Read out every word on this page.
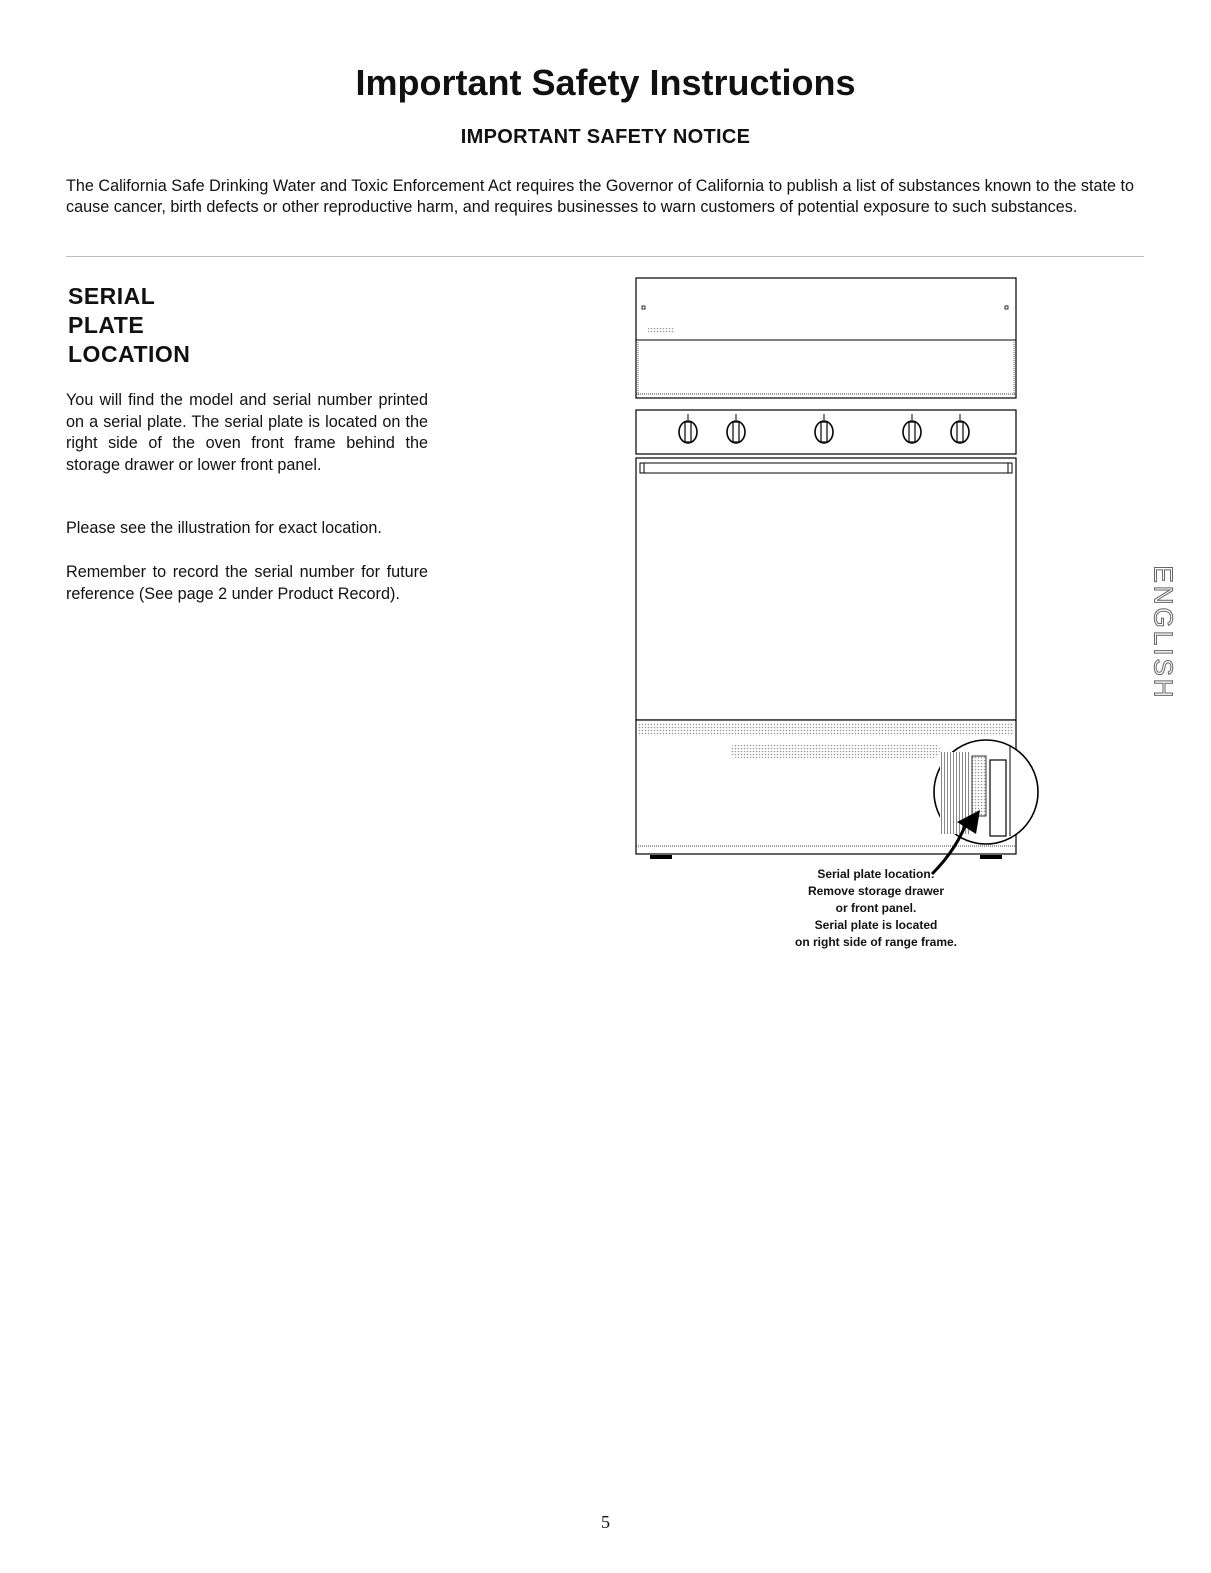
Important Safety Instructions
IMPORTANT SAFETY NOTICE

The California Safe Drinking Water and Toxic Enforcement Act requires the Governor of California to publish a list of substances known to the state to cause cancer, birth defects or other reproductive harm, and requires businesses to warn customers of potential exposure to such substances.

SERIAL
PLATE
LOCATION

You will find the model and serial number printed on a serial plate. The serial plate is located on the right side of the oven front frame behind the storage drawer or lower front panel.

Please see the illustration for exact location.

Remember to record the serial number for future reference (See page 2 under Product Record).

Serial plate location:
Remove storage drawer
or front panel.
Serial plate is located
on right side of range frame.
ENGLISH
5
